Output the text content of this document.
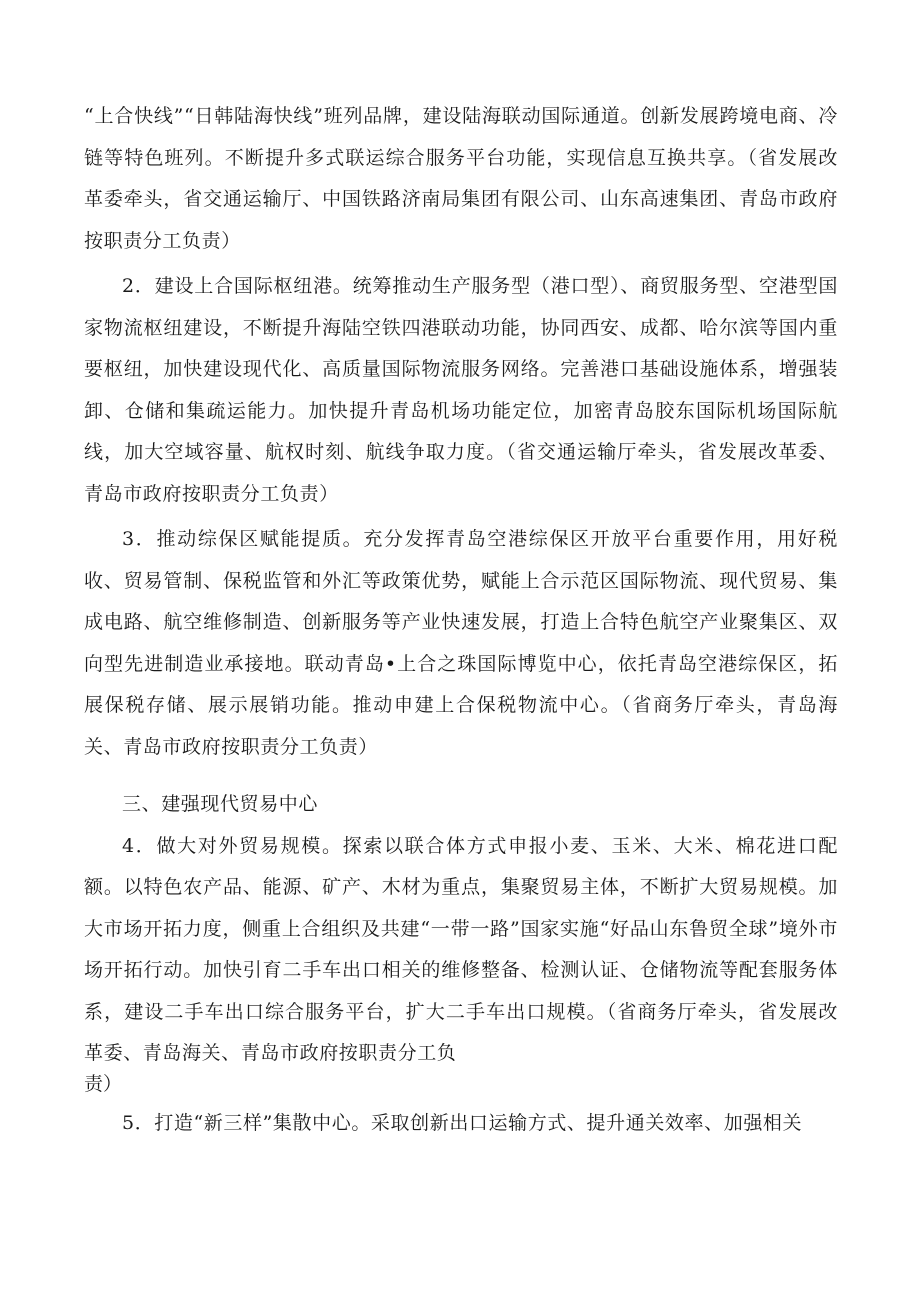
“上合快线”“日韩陆海快线”班列品牌，建设陆海联动国际通道。创新发展跨境电商、冷链等特色班列。不断提升多式联运综合服务平台功能，实现信息互换共享。（省发展改革委牵头，省交通运输厅、中国铁路济南局集团有限公司、山东高速集团、青岛市政府按职责分工负责）

2．建设上合国际枢纽港。统筹推动生产服务型（港口型）、商贸服务型、空港型国家物流枢纽建设，不断提升海陆空铁四港联动功能，协同西安、成都、哈尔滨等国内重要枢纽，加快建设现代化、高质量国际物流服务网络。完善港口基础设施体系，增强装卸、仓储和集疏运能力。加快提升青岛机场功能定位，加密青岛胶东国际机场国际航线，加大空域容量、航权时刻、航线争取力度。（省交通运输厅牵头，省发展改革委、青岛市政府按职责分工负责）

3．推动综保区赋能提质。充分发挥青岛空港综保区开放平台重要作用，用好税收、贸易管制、保税监管和外汇等政策优势，赋能上合示范区国际物流、现代贸易、集成电路、航空维修制造、创新服务等产业快速发展，打造上合特色航空产业聚集区、双向型先进制造业承接地。联动青岛•上合之珠国际博览中心，依托青岛空港综保区，拓展保税存储、展示展销功能。推动申建上合保税物流中心。（省商务厅牵头，青岛海关、青岛市政府按职责分工负责）

三、建强现代贸易中心

4．做大对外贸易规模。探索以联合体方式申报小麦、玉米、大米、棉花进口配额。以特色农产品、能源、矿产、木材为重点，集聚贸易主体，不断扩大贸易规模。加大市场开拓力度，侧重上合组织及共建“一带一路”国家实施“好品山东鲁贸全球”境外市场开拓行动。加快引育二手车出口相关的维修整备、检测认证、仓储物流等配套服务体系，建设二手车出口综合服务平台，扩大二手车出口规模。（省商务厅牵头，省发展改革委、青岛海关、青岛市政府按职责分工负

责）

5．打造“新三样”集散中心。采取创新出口运输方式、提升通关效率、加强相关
